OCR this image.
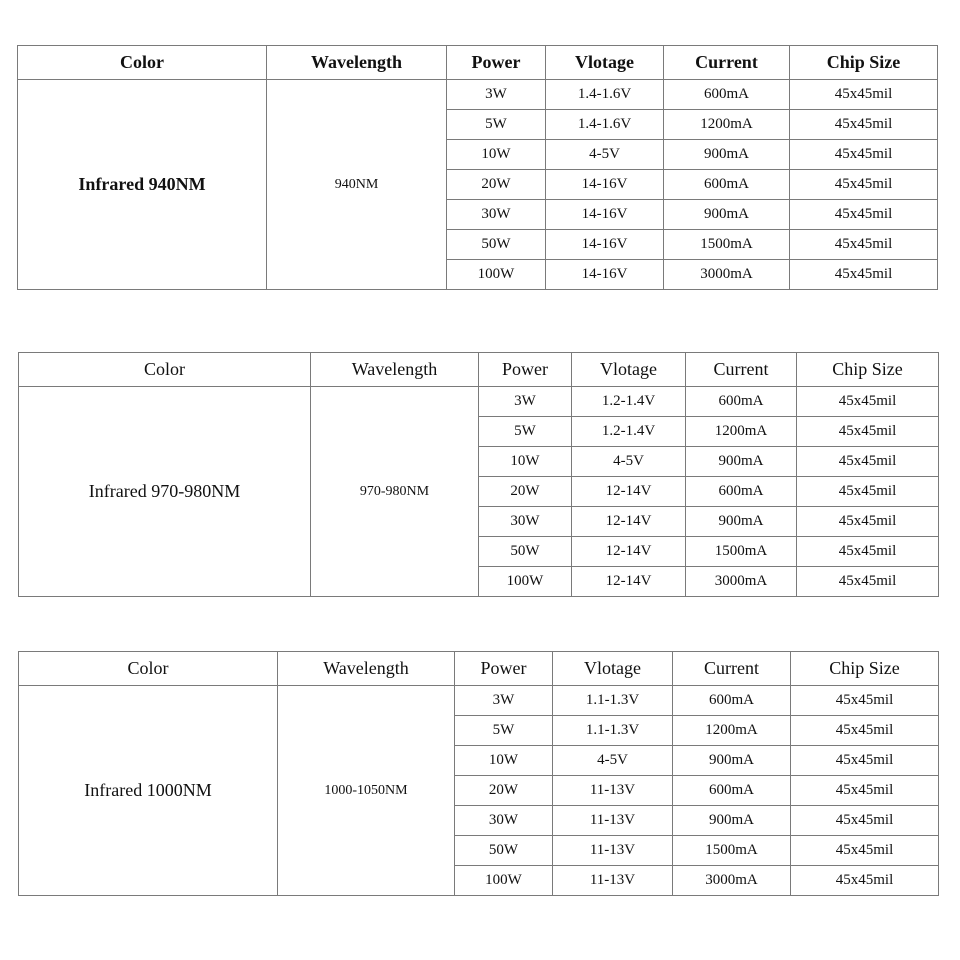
Color	Wavelength	Power	Vlotage	Current	Chip Size
Infrared 940NM	940NM	3W	1.4-1.6V	600mA	45x45mil
		5W	1.4-1.6V	1200mA	45x45mil
		10W	4-5V	900mA	45x45mil
		20W	14-16V	600mA	45x45mil
		30W	14-16V	900mA	45x45mil
		50W	14-16V	1500mA	45x45mil
		100W	14-16V	3000mA	45x45mil
Color	Wavelength	Power	Vlotage	Current	Chip Size
Infrared 970-980NM	970-980NM	3W	1.2-1.4V	600mA	45x45mil
		5W	1.2-1.4V	1200mA	45x45mil
		10W	4-5V	900mA	45x45mil
		20W	12-14V	600mA	45x45mil
		30W	12-14V	900mA	45x45mil
		50W	12-14V	1500mA	45x45mil
		100W	12-14V	3000mA	45x45mil
Color	Wavelength	Power	Vlotage	Current	Chip Size
Infrared 1000NM	1000-1050NM	3W	1.1-1.3V	600mA	45x45mil
		5W	1.1-1.3V	1200mA	45x45mil
		10W	4-5V	900mA	45x45mil
		20W	11-13V	600mA	45x45mil
		30W	11-13V	900mA	45x45mil
		50W	11-13V	1500mA	45x45mil
		100W	11-13V	3000mA	45x45mil
